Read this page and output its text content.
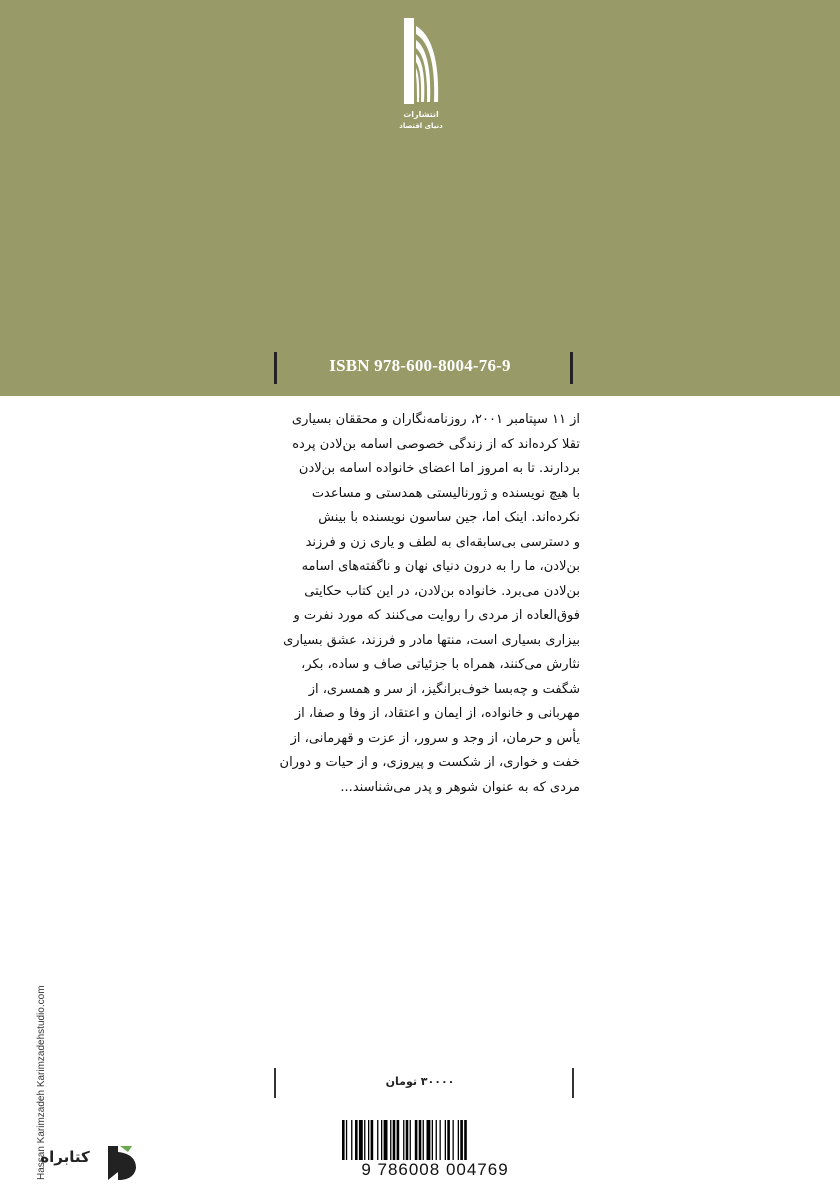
انتشارات
دنیای اقتصاد
ISBN 978-600-8004-76-9
از ۱۱ سپتامبر ۲۰۰۱، روزنامه‌نگاران و محققان بسیاری
تقلا کرده‌اند که از زندگی خصوصی اسامه بن‌لادن پرده
بردارند. تا به امروز اما اعضای خانواده اسامه بن‌لادن
با هیچ نویسنده و ژورنالیستی همدستی و مساعدت
نکرده‌اند. اینک اما، جین ساسون نویسنده با بینش
و دسترسی بی‌سابقه‌ای به لطف و یاری زن و فرزند
بن‌لادن، ما را به درون دنیای نهان و ناگفته‌های اسامه
بن‌لادن می‌برد. خانواده بن‌لادن، در این کتاب حکایتی
فوق‌العاده از مردی را روایت می‌کنند که مورد نفرت و
بیزاری بسیاری است، منتها مادر و فرزند، عشق بسیاری
نثارش می‌کنند، همراه با جزئیاتی صاف و ساده، بکر،
شگفت و چه‌بسا خوف‌برانگیز، از سر و همسری، از
مهربانی و خانواده، از ایمان و اعتقاد، از وفا و صفا، از
یأس و حرمان، از وجد و سرور، از عزت و قهرمانی، از
خفت و خواری، از شکست و پیروزی، و از حیات و دوران
مردی که به عنوان شوهر و پدر می‌شناسند...
Hassan Karimzadeh Karimzadehstudio.com	۳۰۰۰۰ تومان
9 786008 004769
کتابراه
